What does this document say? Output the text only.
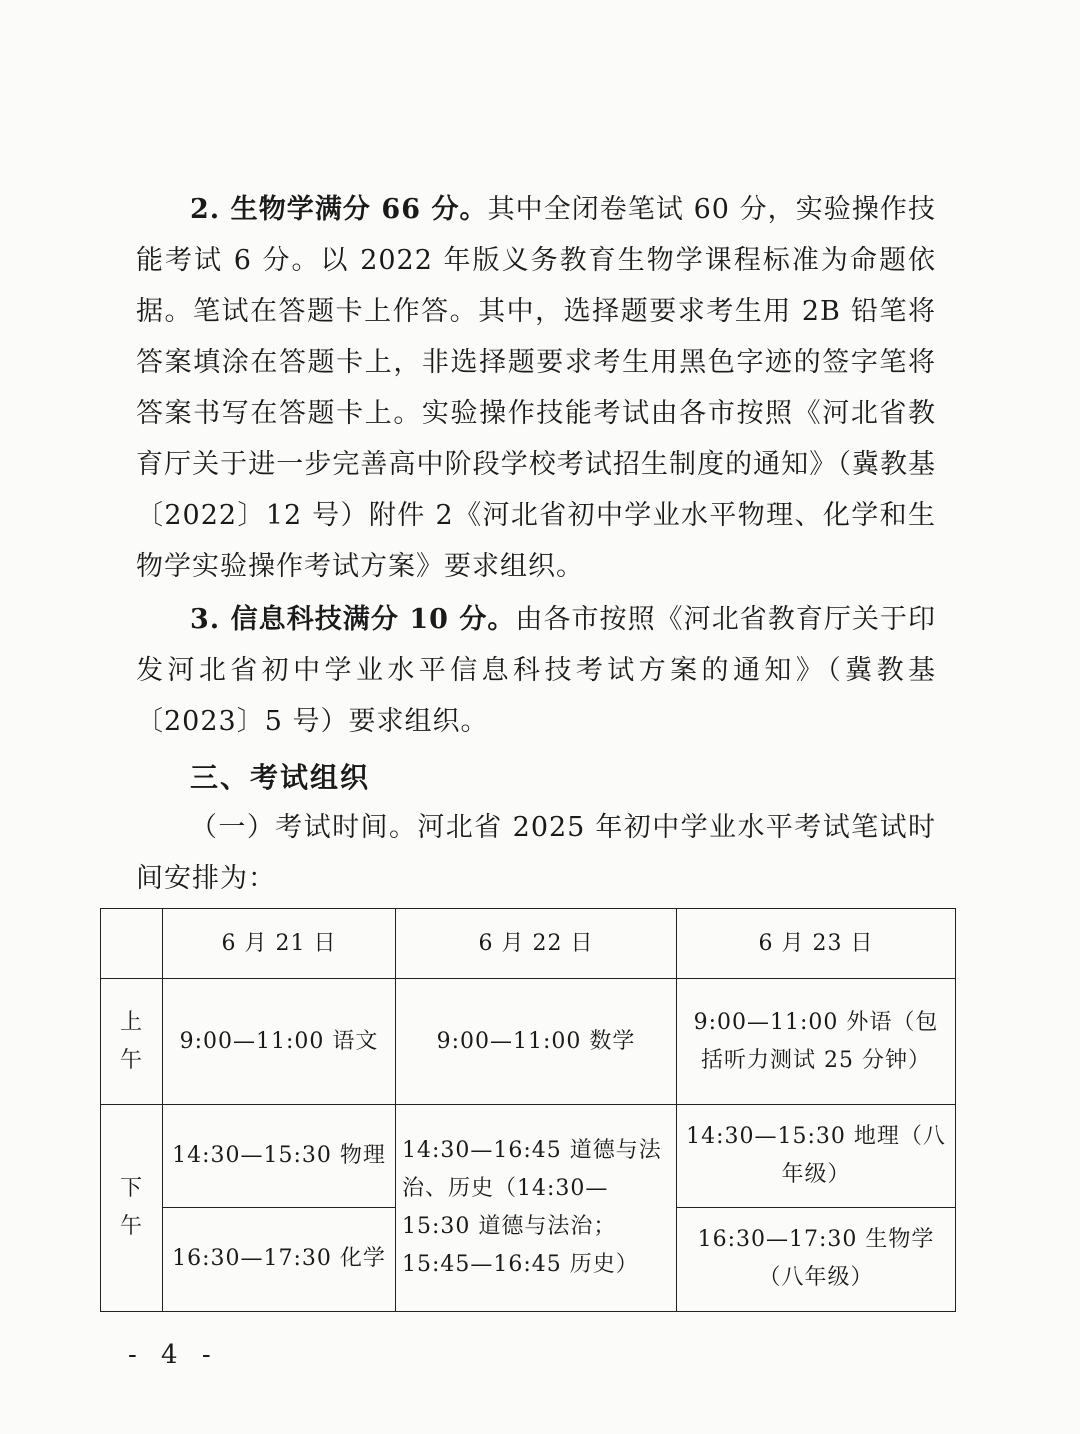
2. 生物学满分 66 分。其中全闭卷笔试 60 分，实验操作技能考试 6 分。以 2022 年版义务教育生物学课程标准为命题依据。笔试在答题卡上作答。其中，选择题要求考生用 2B 铅笔将答案填涂在答题卡上，非选择题要求考生用黑色字迹的签字笔将答案书写在答题卡上。实验操作技能考试由各市按照《河北省教育厅关于进一步完善高中阶段学校考试招生制度的通知》（冀教基〔2022〕12 号）附件 2《河北省初中学业水平物理、化学和生物学实验操作考试方案》要求组织。
3. 信息科技满分 10 分。由各市按照《河北省教育厅关于印发河北省初中学业水平信息科技考试方案的通知》（冀教基〔2023〕5 号）要求组织。
三、考试组织
（一）考试时间。河北省 2025 年初中学业水平考试笔试时间安排为：
	6 月 21 日	6 月 22 日	6 月 23 日
上午	9:00—11:00 语文	9:00—11:00 数学	9:00—11:00 外语（包括听力测试 25 分钟）
下午	14:30—15:30 物理	14:30—16:45 道德与法治、历史（14:30—15:30 道德与法治；15:45—16:45 历史）	14:30—15:30 地理（八年级）
	16:30—17:30 化学		16:30—17:30 生物学（八年级）
- 4 -
